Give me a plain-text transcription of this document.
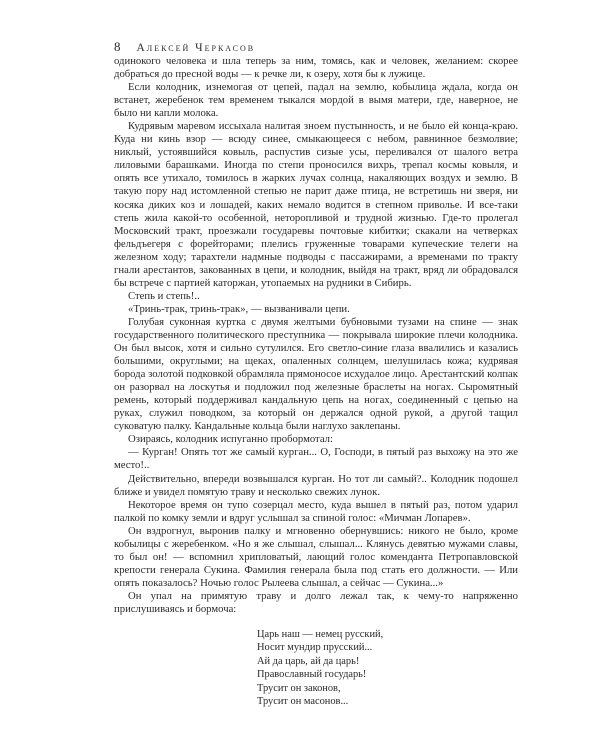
8 Алексей Черкасов

одинокого человека и шла теперь за ним, томясь, как и человек, желанием: скорее добраться до пресной воды — к речке ли, к озеру, хотя бы к лужице.

Если колодник, изнемогая от цепей, падал на землю, кобылица ждала, когда он встанет, жеребенок тем временем тыкался мордой в вымя матери, где, наверное, не было ни капли молока.

Кудрявым маревом иссыхала налитая зноем пустынность, и не было ей конца-краю. Куда ни кинь взор — всюду синее, смыкающееся с небом, равнинное безмолвие; никлый, устоявшийся ковыль, распустив сизые усы, переливался от шалого ветра лиловыми барашками. Иногда по степи проносился вихрь, трепал космы ковыля, и опять все утихало, томилось в жарких лучах солнца, накаляющих воздух и землю. В такую пору над истомленной степью не парит даже птица, не встретишь ни зверя, ни косяка диких коз и лошадей, каких немало водится в степном приволье. И все-таки степь жила какой-то особенной, неторопливой и трудной жизнью. Где-то пролегал Московский тракт, проезжали государевы почтовые кибитки; скакали на четверках фельдъегеря с форейторами; плелись груженные товарами купеческие телеги на железном ходу; тарахтели надмные подводы с пассажирами, а временами по тракту гнали арестантов, закованных в цепи, и колодник, выйдя на тракт, вряд ли обрадовался бы встрече с партией каторжан, утопаемых на рудники в Сибирь.

Степь и степь!..

«Тринь-трак, тринь-трак», — вызванивали цепи.

Голубая суконная куртка с двумя желтыми бубновыми тузами на спине — знак государственного политического преступника — покрывала широкие плечи колодника. Он был высок, хотя и сильно сутулился. Его светло-синие глаза ввалились и казались большими, округлыми; на щеках, опаленных солнцем, шелушилась кожа; кудрявая борода золотой подковкой обрамляла прямоносое исхудалое лицо. Арестантский колпак он разорвал на лоскутья и подложил под железные браслеты на ногах. Сыромятный ремень, который поддерживал кандальную цепь на ногах, соединенный с цепью на руках, служил поводком, за который он держался одной рукой, а другой тащил суковатую палку. Кандальные кольца были наглухо заклепаны.

Озираясь, колодник испуганно пробормотал:

— Курган! Опять тот же самый курган... О, Господи, в пятый раз выхожу на это же место!..

Действительно, впереди возвышался курган. Но тот ли самый?.. Колодник подошел ближе и увидел помятую траву и несколько свежих лунок.

Некоторое время он тупо созерцал место, куда вышел в пятый раз, потом ударил палкой по комку земли и вдруг услышал за спиной голос: «Мичман Лопарев».

Он вздрогнул, выронив палку и мгновенно обернувшись: никого не было, кроме кобылицы с жеребенком. «Но я же слышал, слышал... Клянусь девятью мужами славы, то был он! — вспомнил хрипловатый, лающий голос коменданта Петропавловской крепости генерала Сукина. Фамилия генерала была под стать его должности. — Или опять показалось? Ночью голос Рылеева слышал, а сейчас — Сукина...»

Он упал на примятую траву и долго лежал так, к чему-то напряженно прислушиваясь и бормоча:

Царь наш — немец русский,
Носит мундир прусский...
Ай да царь, ай да царь!
Православный государь!
Трусит он законов,
Трусит он масонов...
